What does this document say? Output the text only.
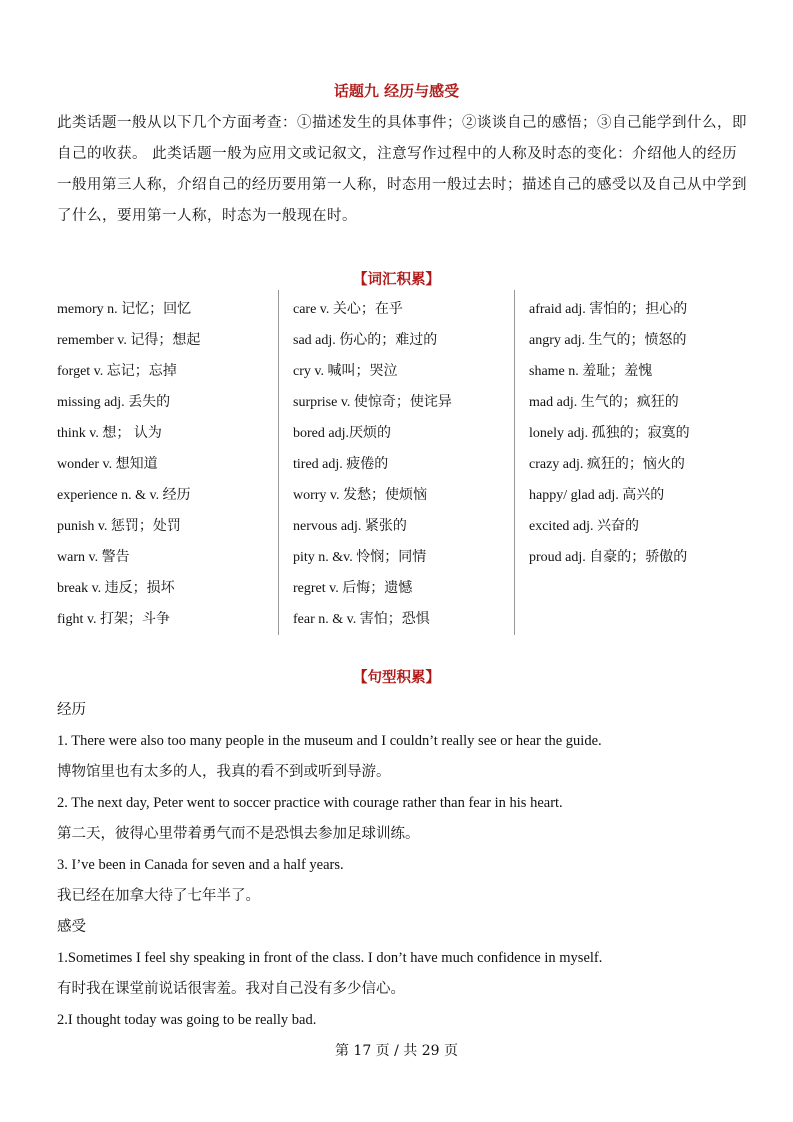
话题九 经历与感受
此类话题一般从以下几个方面考查：①描述发生的具体事件；②谈谈自己的感悟；③自己能学到什么，即自己的收获。 此类话题一般为应用文或记叙文，注意写作过程中的人称及时态的变化：介绍他人的经历一般用第三人称，介绍自己的经历要用第一人称，时态用一般过去时；描述自己的感受以及自己从中学到了什么，要用第一人称，时态为一般现在时。
【词汇积累】
memory n. 记忆；回忆
remember v. 记得；想起
forget v. 忘记；忘掉
missing adj. 丢失的
think v. 想； 认为
wonder v. 想知道
experience n. & v. 经历
punish v. 惩罚；处罚
warn v. 警告
break v. 违反；损坏
fight v. 打架；斗争
care v. 关心；在乎
sad adj. 伤心的；难过的
cry v. 喊叫；哭泣
surprise v. 使惊奇；使诧异
bored adj.厌烦的
tired adj. 疲倦的
worry v. 发愁；使烦恼
nervous adj. 紧张的
pity n. &v. 怜悯；同情
regret v. 后悔；遗憾
fear n. & v. 害怕；恐惧
afraid adj. 害怕的；担心的
angry adj. 生气的；愤怒的
shame n. 羞耻；羞愧
mad adj. 生气的；疯狂的
lonely adj. 孤独的；寂寞的
crazy adj. 疯狂的；恼火的
happy/ glad adj. 高兴的
excited adj. 兴奋的
proud adj. 自豪的；骄傲的
【句型积累】
经历
1. There were also too many people in the museum and I couldn’t really see or hear the guide.
博物馆里也有太多的人，我真的看不到或听到导游。
2. The next day, Peter went to soccer practice with courage rather than fear in his heart.
第二天，彼得心里带着勇气而不是恐惧去参加足球训练。
3. I’ve been in Canada for seven and a half years.
我已经在加拿大待了七年半了。
感受
1.Sometimes I feel shy speaking in front of the class. I don’t have much confidence in myself.
有时我在课堂前说话很害羞。我对自己没有多少信心。
2.I thought today was going to be really bad.
第 17 页 / 共 29 页
